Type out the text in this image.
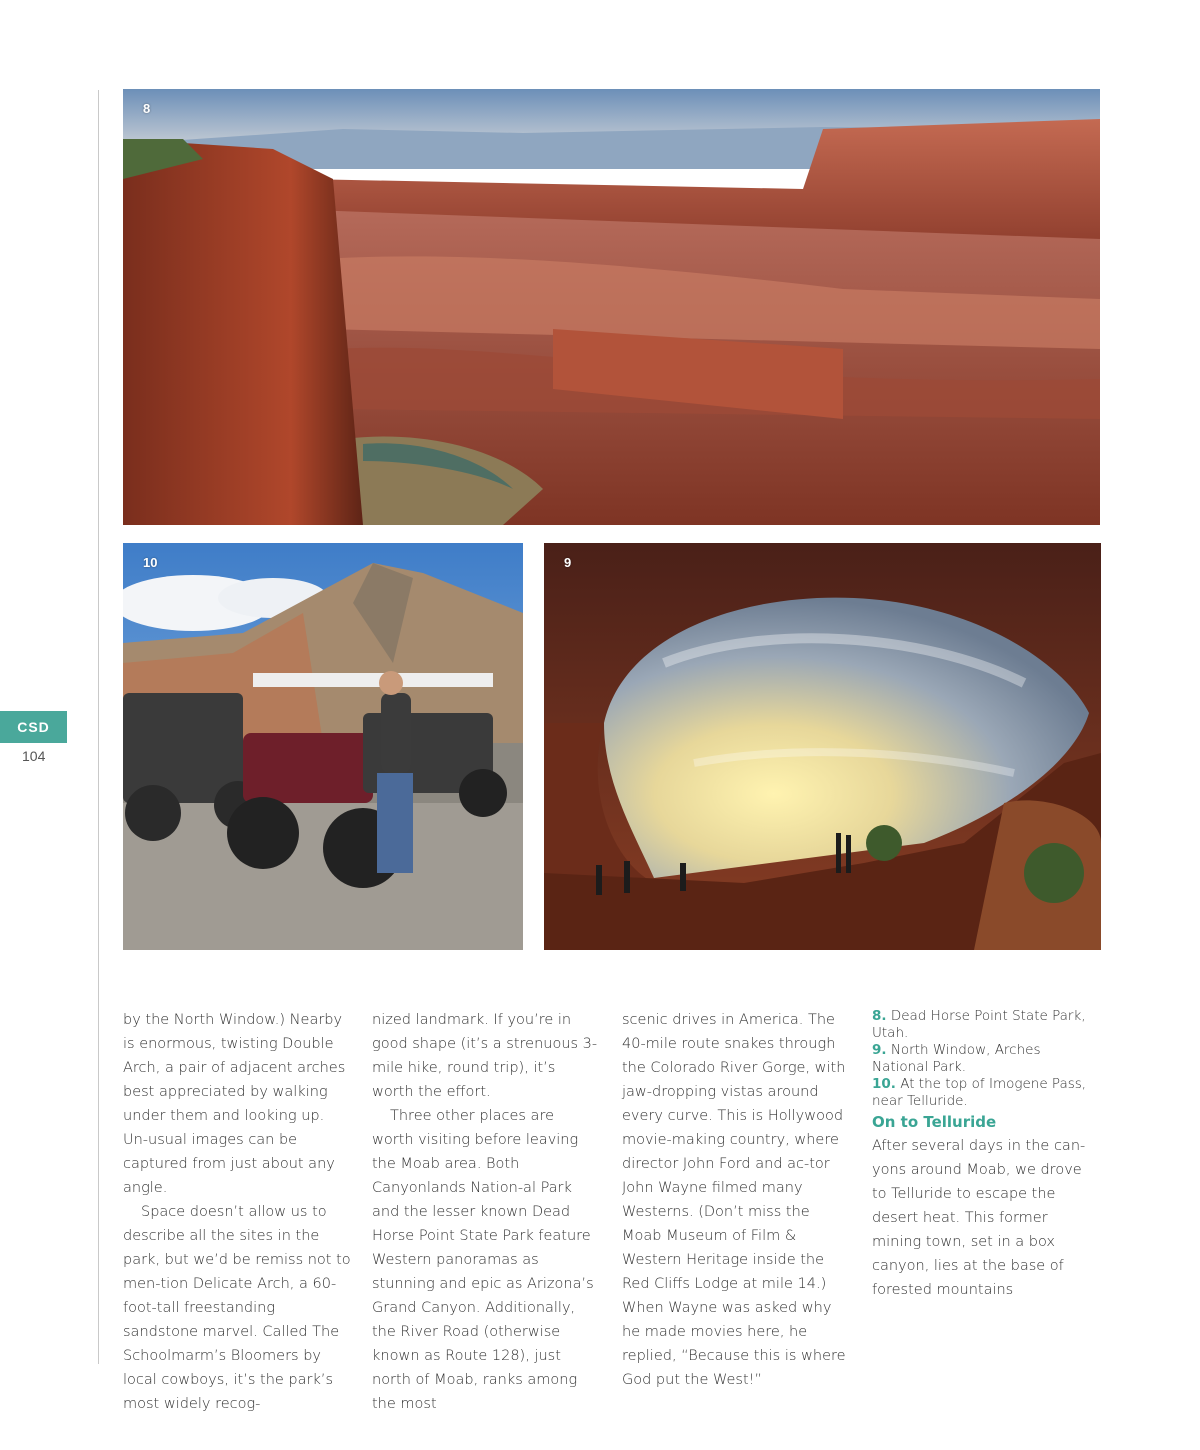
CSD
104
8
10	9

by the North Window.) Nearby is enormous, twisting Double Arch, a pair of adjacent arches best appreciated by walking under them and looking up. Un-usual images can be captured from just about any angle.

Space doesn’t allow us to describe all the sites in the park, but we’d be remiss not to men-tion Delicate Arch, a 60-foot-tall freestanding sandstone marvel. Called The Schoolmarm’s Bloomers by local cowboys, it’s the park’s most widely recog-

nized landmark. If you’re in good shape (it’s a strenuous 3-mile hike, round trip), it’s worth the effort.

Three other places are worth visiting before leaving the Moab area. Both Canyonlands Nation-al Park and the lesser known Dead Horse Point State Park feature Western panoramas as stunning and epic as Arizona’s Grand Canyon. Additionally, the River Road (otherwise known as Route 128), just north of Moab, ranks among the most

scenic drives in America. The 40-mile route snakes through the Colorado River Gorge, with jaw-dropping vistas around every curve. This is Hollywood movie-making country, where director John Ford and ac-tor John Wayne filmed many Westerns. (Don’t miss the Moab Museum of Film & Western Heritage inside the Red Cliffs Lodge at mile 14.) When Wayne was asked why he made movies here, he replied, “Because this is where God put the West!”

8. Dead Horse Point State Park, Utah.

9. North Window, Arches National Park.

10. At the top of Imogene Pass, near Telluride.

On to Telluride

After several days in the can-yons around Moab, we drove to Telluride to escape the desert heat. This former mining town, set in a box canyon, lies at the base of forested mountains
